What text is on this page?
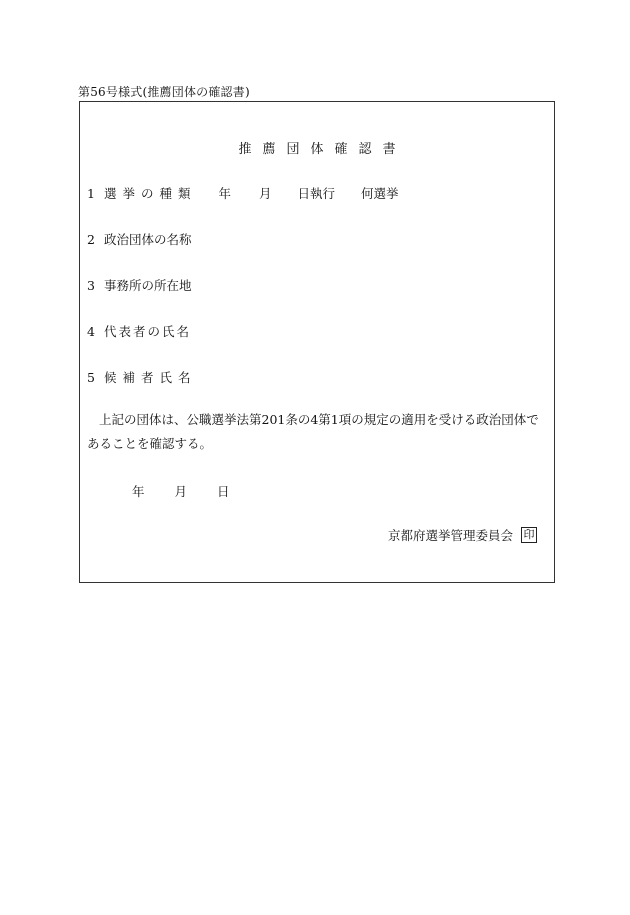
第56号様式(推薦団体の確認書)
推薦団体確認書
1 選挙の種類 年 月 日執行 何選挙
2 政治団体の名称
3 事務所の所在地
4 代表者の氏名
5 候補者氏名
上記の団体は、公職選挙法第201条の4第1項の規定の適用を受ける政治団体であることを確認する。
年 月 日
京都府選挙管理委員会 印
